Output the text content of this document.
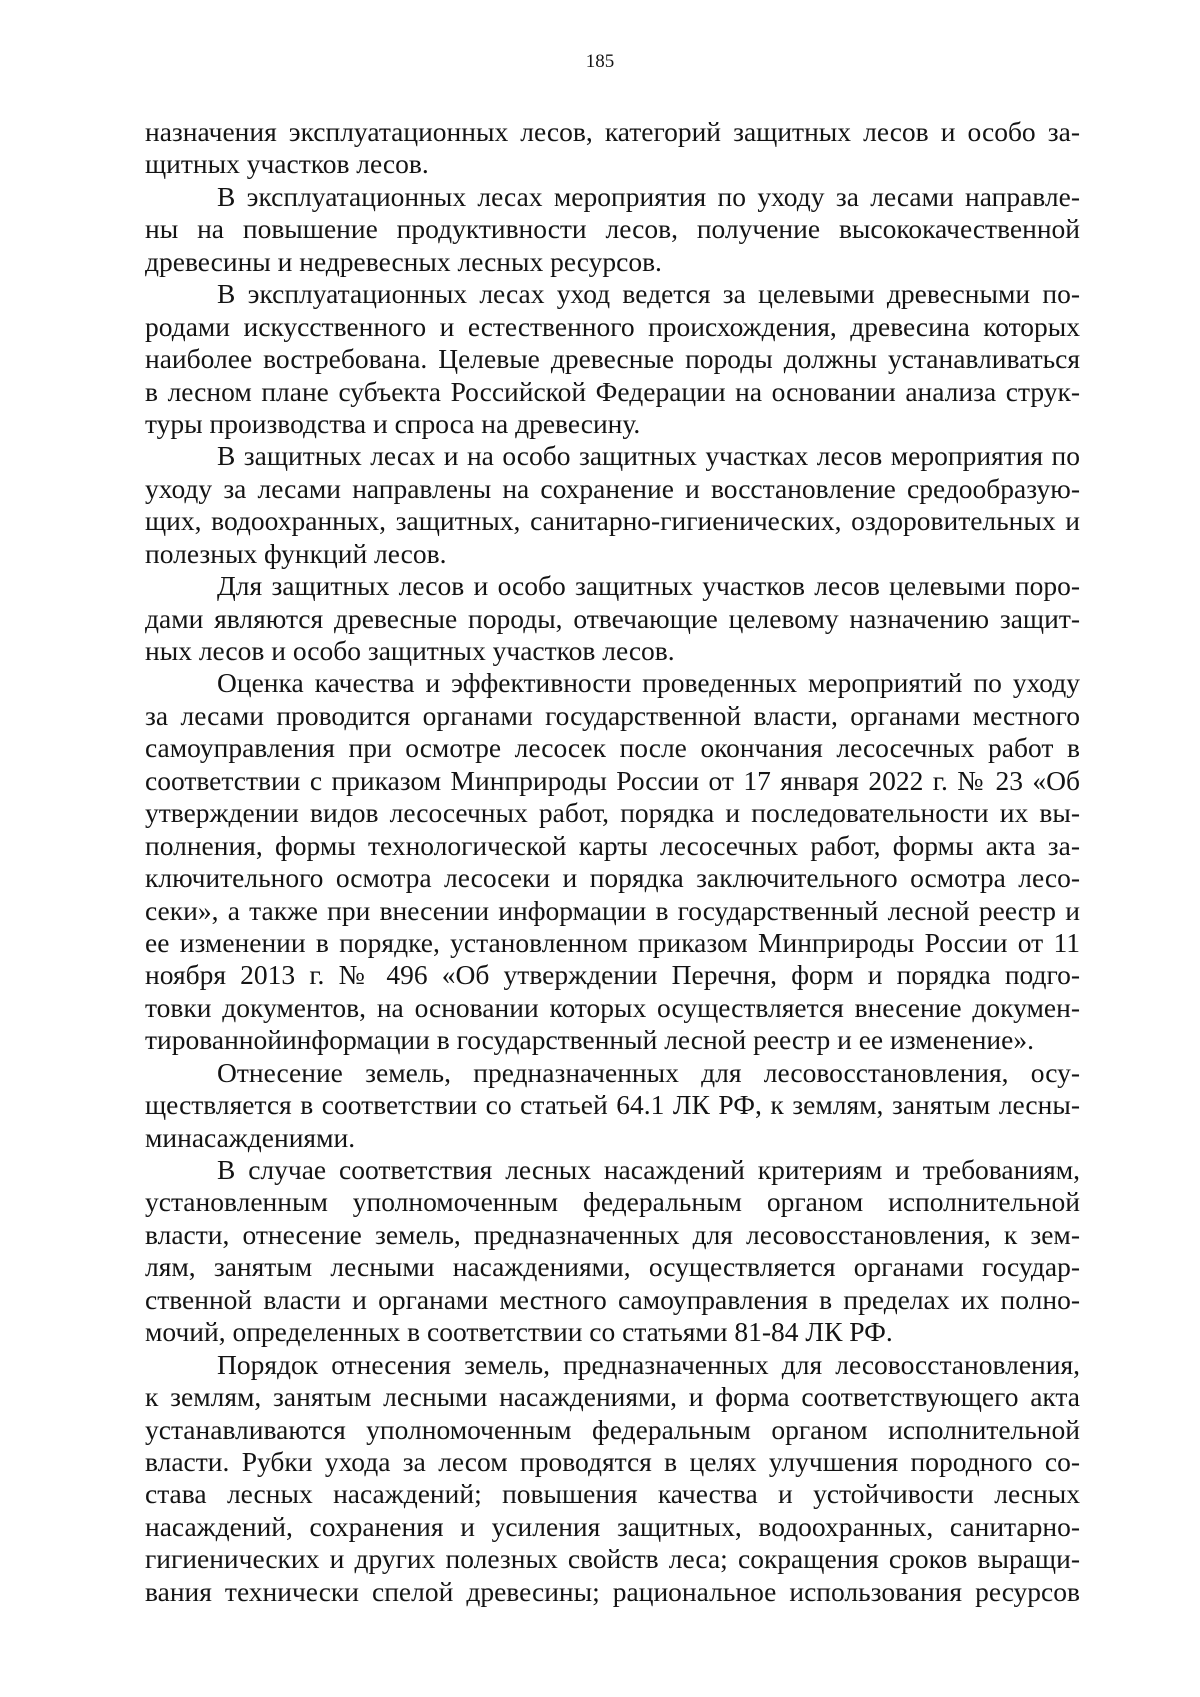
185
назначения эксплуатационных лесов, категорий защитных лесов и особо за-
щитных участков лесов.
В эксплуатационных лесах мероприятия по уходу за лесами направле-
ны на повышение продуктивности лесов, получение высококачественной
древесины и недревесных лесных ресурсов.
В эксплуатационных лесах уход ведется за целевыми древесными по-
родами искусственного и естественного происхождения, древесина которых
наиболее востребована. Целевые древесные породы должны устанавливаться
в лесном плане субъекта Российской Федерации на основании анализа струк-
туры производства и спроса на древесину.
В защитных лесах и на особо защитных участках лесов мероприятия по
уходу за лесами направлены на сохранение и восстановление средообразую-
щих, водоохранных, защитных, санитарно-гигиенических, оздоровительных и
полезных функций лесов.
Для защитных лесов и особо защитных участков лесов целевыми поро-
дами являются древесные породы, отвечающие целевому назначению защит-
ных лесов и особо защитных участков лесов.
Оценка качества и эффективности проведенных мероприятий по уходу
за лесами проводится органами государственной власти, органами местного
самоуправления при осмотре лесосек после окончания лесосечных работ в
соответствии с приказом Минприроды России от 17 января 2022 г. № 23 «Об
утверждении видов лесосечных работ, порядка и последовательности их вы-
полнения, формы технологической карты лесосечных работ, формы акта за-
ключительного осмотра лесосеки и порядка заключительного осмотра лесо-
секи», а также при внесении информации в государственный лесной реестр и
ее изменении в порядке, установленном приказом Минприроды России от 11
ноября 2013 г. № 496 «Об утверждении Перечня, форм и порядка подго-
товки документов, на основании которых осуществляется внесение докумен-
тированнойинформации в государственный лесной реестр и ее изменение».
Отнесение земель, предназначенных для лесовосстановления, осу-
ществляется в соответствии со статьей 64.1 ЛК РФ, к землям, занятым лесны-
минасаждениями.
В случае соответствия лесных насаждений критериям и требованиям,
установленным уполномоченным федеральным органом исполнительной
власти, отнесение земель, предназначенных для лесовосстановления, к зем-
лям, занятым лесными насаждениями, осуществляется органами государ-
ственной власти и органами местного самоуправления в пределах их полно-
мочий, определенных в соответствии со статьями 81-84 ЛК РФ.
Порядок отнесения земель, предназначенных для лесовосстановления,
к землям, занятым лесными насаждениями, и форма соответствующего акта
устанавливаются уполномоченным федеральным органом исполнительной
власти. Рубки ухода за лесом проводятся в целях улучшения породного со-
става лесных насаждений; повышения качества и устойчивости лесных
насаждений, сохранения и усиления защитных, водоохранных, санитарно-
гигиенических и других полезных свойств леса; сокращения сроков выращи-
вания технически спелой древесины; рациональное использования ресурсов
